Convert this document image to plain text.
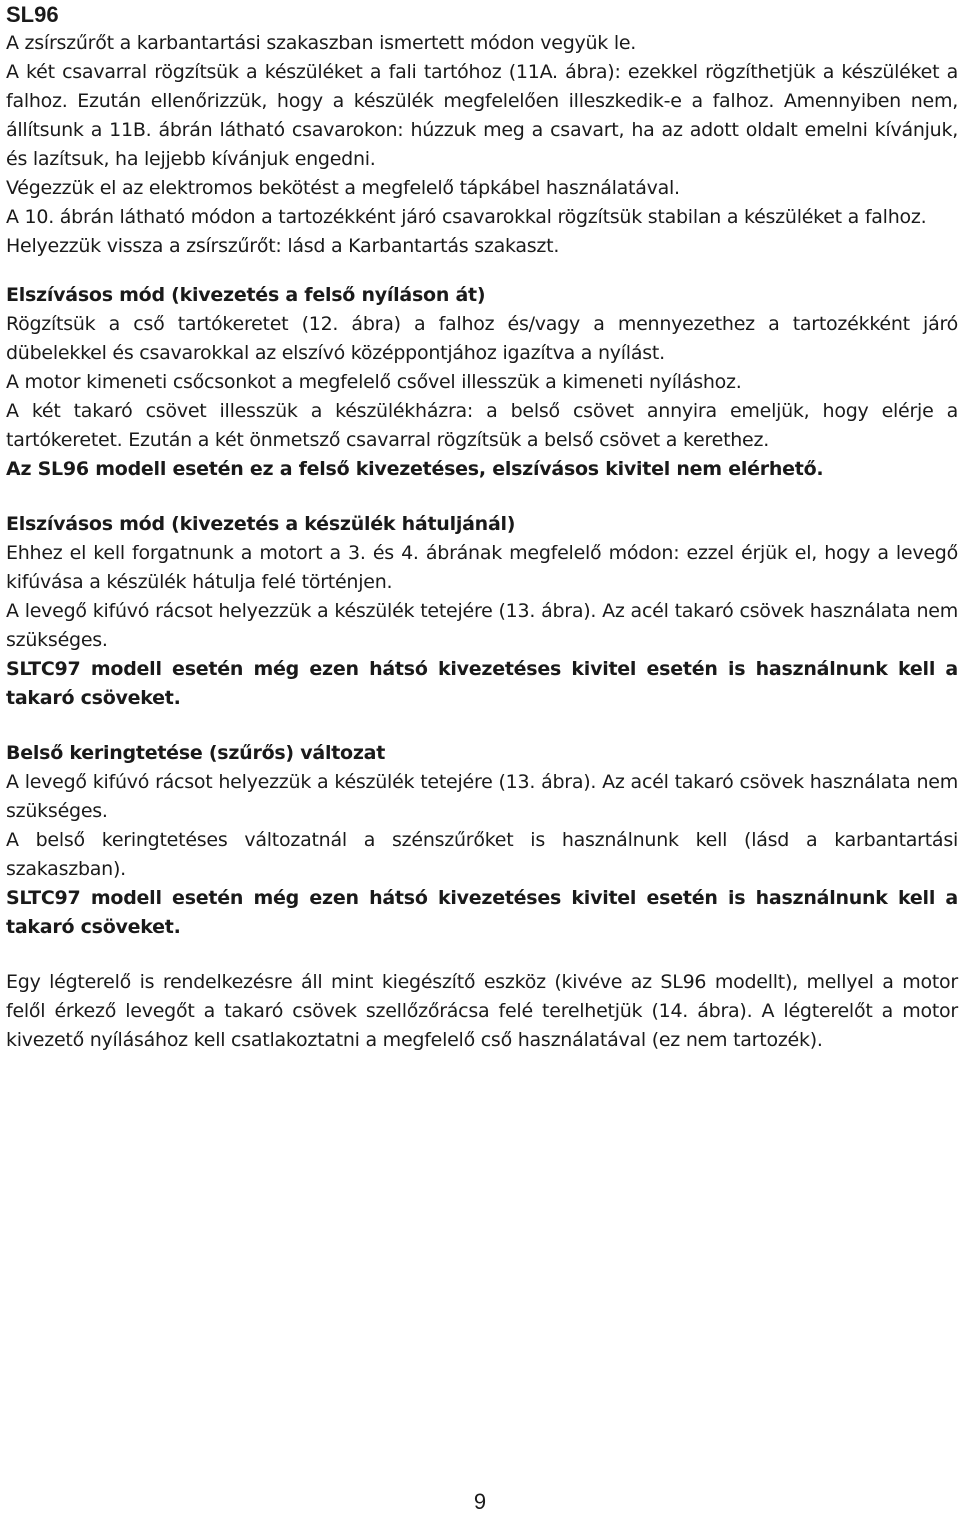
SL96

A zsírszűrőt a karbantartási szakaszban ismertett módon vegyük le.

A két csavarral rögzítsük a készüléket a fali tartóhoz (11A. ábra): ezekkel rögzíthetjük a készüléket a falhoz. Ezután ellenőrizzük, hogy a készülék megfelelően illeszkedik-e a falhoz. Amennyiben nem, állítsunk a 11B. ábrán látható csavarokon: húzzuk meg a csavart, ha az adott oldalt emelni kívánjuk, és lazítsuk, ha lejjebb kívánjuk engedni.

Végezzük el az elektromos bekötést a megfelelő tápkábel használatával.

A 10. ábrán látható módon a tartozékként járó csavarokkal rögzítsük stabilan a készüléket a falhoz.

Helyezzük vissza a zsírszűrőt: lásd a Karbantartás szakaszt.

Elszívásos mód (kivezetés a felső nyíláson át)

Rögzítsük a cső tartókeretet (12. ábra) a falhoz és/vagy a mennyezethez a tartozékként járó dübelekkel és csavarokkal az elszívó középpontjához igazítva a nyílást.

A motor kimeneti csőcsonkot a megfelelő csővel illesszük a kimeneti nyíláshoz.

A két takaró csövet illesszük a készülékházra: a belső csövet annyira emeljük, hogy elérje a tartókeretet. Ezután a két önmetsző csavarral rögzítsük a belső csövet a kerethez.

Az SL96 modell esetén ez a felső kivezetéses, elszívásos kivitel nem elérhető.

Elszívásos mód (kivezetés a készülék hátuljánál)

Ehhez el kell forgatnunk a motort a 3. és 4. ábrának megfelelő módon: ezzel érjük el, hogy a levegő kifúvása a készülék hátulja felé történjen.

A levegő kifúvó rácsot helyezzük a készülék tetejére (13. ábra). Az acél takaró csövek használata nem szükséges.

SLTC97 modell esetén még ezen hátsó kivezetéses kivitel esetén is használnunk kell a takaró csöveket.

Belső keringtetése (szűrős) változat

A levegő kifúvó rácsot helyezzük a készülék tetejére (13. ábra). Az acél takaró csövek használata nem szükséges.

A belső keringtetéses változatnál a szénszűrőket is használnunk kell (lásd a karbantartási szakaszban).

SLTC97 modell esetén még ezen hátsó kivezetéses kivitel esetén is használnunk kell a takaró csöveket.

Egy légterelő is rendelkezésre áll mint kiegészítő eszköz (kivéve az SL96 modellt), mellyel a motor felől érkező levegőt a takaró csövek szellőzőrácsa felé terelhetjük (14. ábra). A légterelőt a motor kivezető nyílásához kell csatlakoztatni a megfelelő cső használatával (ez nem tartozék).

9
